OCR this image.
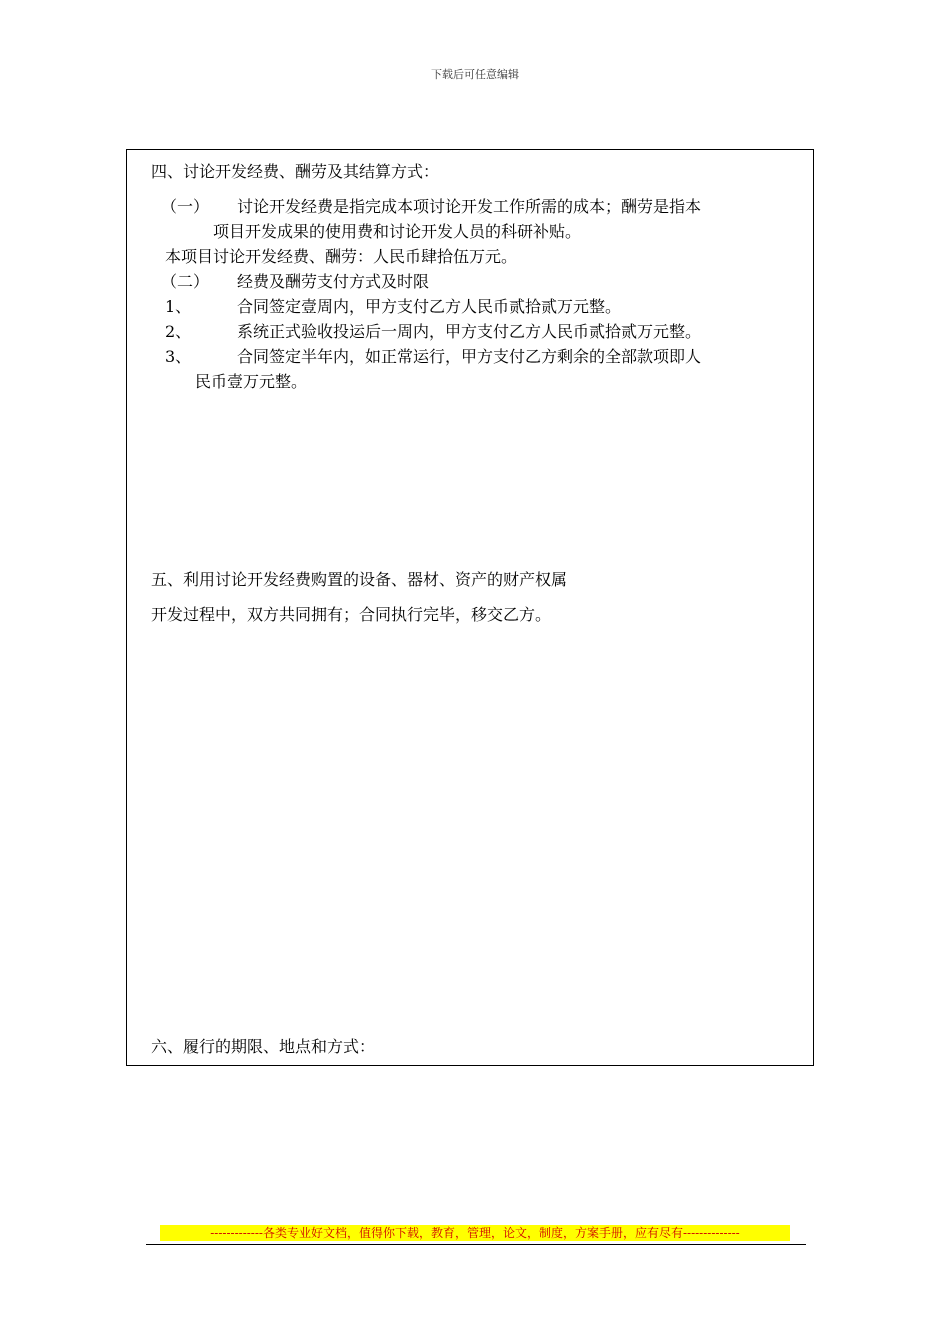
下载后可任意编辑
四、讨论开发经费、酬劳及其结算方式：
（一） 讨论开发经费是指完成本项讨论开发工作所需的成本；酬劳是指本
项目开发成果的使用费和讨论开发人员的科研补贴。
本项目讨论开发经费、酬劳：人民币肆拾伍万元。
（二） 经费及酬劳支付方式及时限
1、	合同签定壹周内，甲方支付乙方人民币贰拾贰万元整。
2、	系统正式验收投运后一周内，甲方支付乙方人民币贰拾贰万元整。
3、	合同签定半年内，如正常运行，甲方支付乙方剩余的全部款项即人
民币壹万元整。
五、利用讨论开发经费购置的设备、器材、资产的财产权属
开发过程中，双方共同拥有；合同执行完毕，移交乙方。
六、履行的期限、地点和方式：
-------------各类专业好文档，值得你下载，教育，管理，论文，制度，方案手册，应有尽有--------------
